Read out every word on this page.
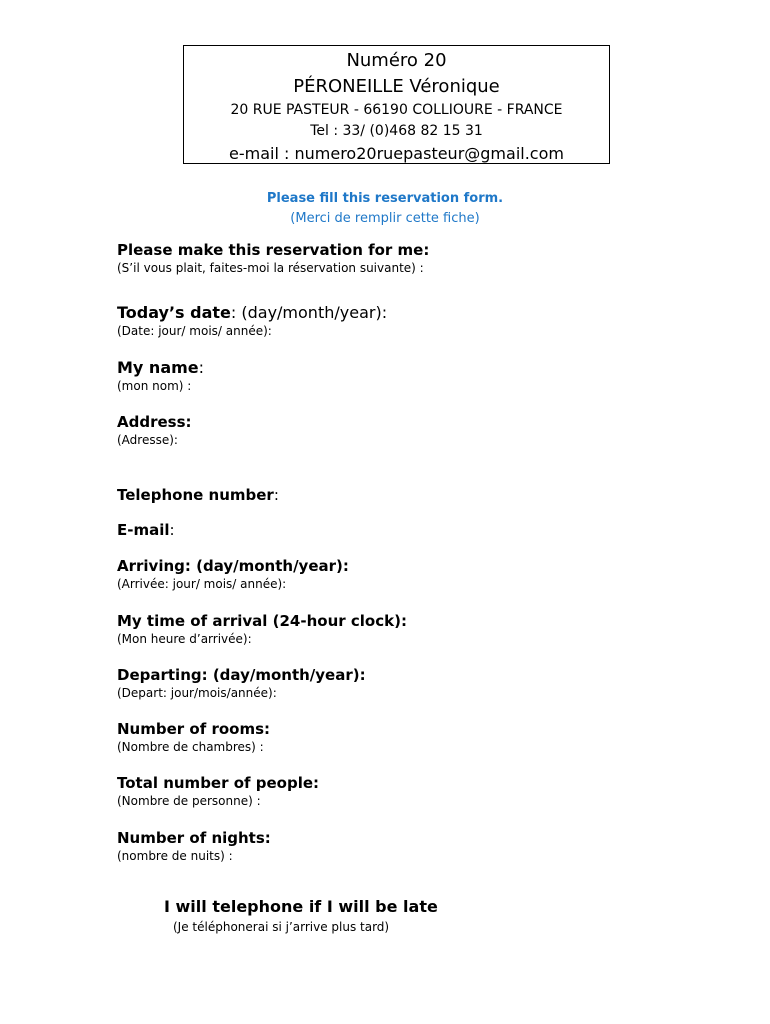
Numéro 20
PÉRONEILLE Véronique
20 RUE PASTEUR - 66190 COLLIOURE - FRANCE
Tel : 33/ (0)468 82 15 31
e-mail : numero20ruepasteur@gmail.com
Please fill this reservation form.
(Merci de remplir cette fiche)
Please make this reservation for me:
(S’il vous plait, faites-moi la réservation suivante) :
Today’s date: (day/month/year):
(Date: jour/ mois/ année):
My name:
(mon nom) :
Address:
(Adresse):
Telephone number:
E-mail:
Arriving: (day/month/year):
(Arrivée: jour/ mois/ année):
My time of arrival (24-hour clock):
(Mon heure d’arrivée):
Departing: (day/month/year):
(Depart: jour/mois/année):
Number of rooms:
(Nombre de chambres) :
Total number of people:
(Nombre de personne) :
Number of nights:
(nombre de nuits) :
I will telephone if I will be late
(Je téléphonerai si j’arrive plus tard)
